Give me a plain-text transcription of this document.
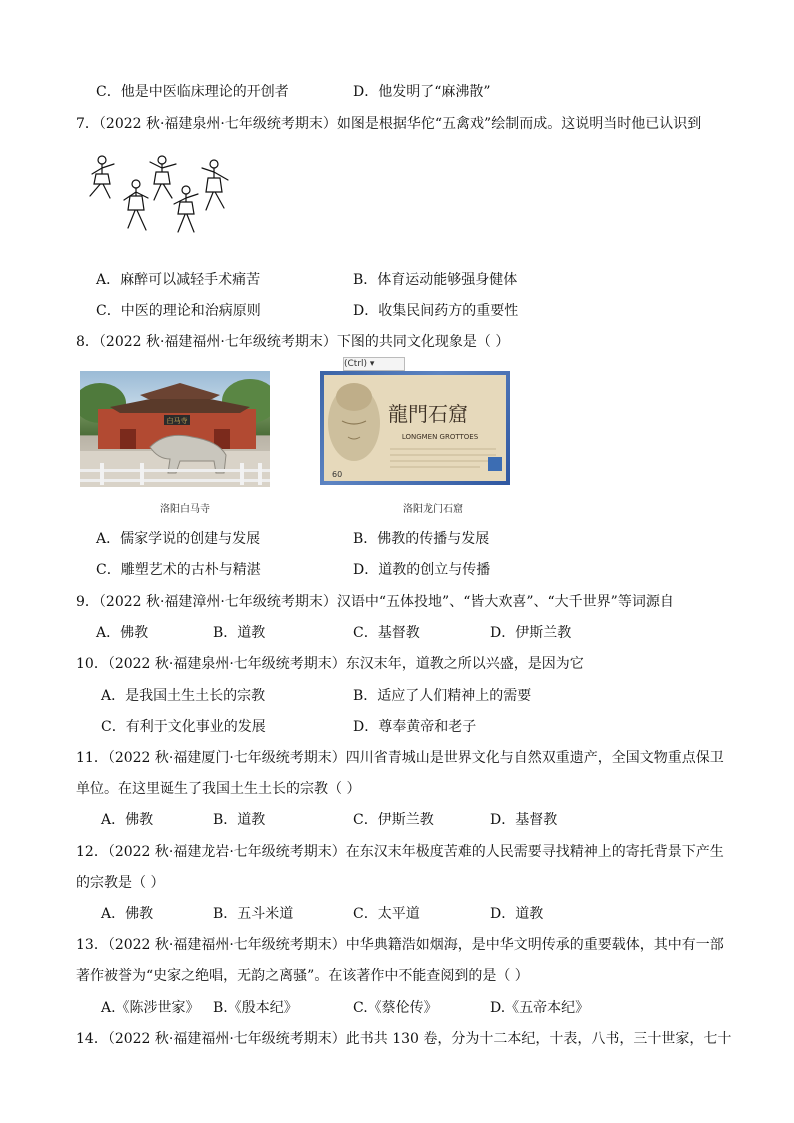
C．他是中医临床理论的开创者	D．他发明了“麻沸散”
7．（2022 秋·福建泉州·七年级统考期末）如图是根据华佗“五禽戏”绘制而成。这说明当时他已认识到
A．麻醉可以减轻手术痛苦	B．体育运动能够强身健体
C．中医的理论和治病原则	D．收集民间药方的重要性
8．（2022 秋·福建福州·七年级统考期末）下图的共同文化现象是（ ）
白马寺	龍門石窟
LONGMEN GROTTOES
60
(Ctrl) ▾
洛阳白马寺	洛阳龙门石窟
A．儒家学说的创建与发展	B．佛教的传播与发展
C．雕塑艺术的古朴与精湛	D．道教的创立与传播
9．（2022 秋·福建漳州·七年级统考期末）汉语中“五体投地”、“皆大欢喜”、“大千世界”等词源自
A．佛教	B．道教	C．基督教	D．伊斯兰教
10．（2022 秋·福建泉州·七年级统考期末）东汉末年，道教之所以兴盛，是因为它
A．是我国土生土长的宗教	B．适应了人们精神上的需要
C．有利于文化事业的发展	D．尊奉黄帝和老子
11．（2022 秋·福建厦门·七年级统考期末）四川省青城山是世界文化与自然双重遗产，全国文物重点保卫
单位。在这里诞生了我国土生土长的宗教（ ）
A．佛教	B．道教	C．伊斯兰教	D．基督教
12．（2022 秋·福建龙岩·七年级统考期末）在东汉末年极度苦难的人民需要寻找精神上的寄托背景下产生
的宗教是（ ）
A．佛教	B．五斗米道	C．太平道	D．道教
13．（2022 秋·福建福州·七年级统考期末）中华典籍浩如烟海，是中华文明传承的重要载体，其中有一部
著作被誉为“史家之绝唱，无韵之离骚”。在该著作中不能查阅到的是（ ）
A.《陈涉世家》 B.《殷本纪》	C.《蔡伦传》	D.《五帝本纪》
14．（2022 秋·福建福州·七年级统考期末）此书共 130 卷，分为十二本纪，十表，八书，三十世家，七十
